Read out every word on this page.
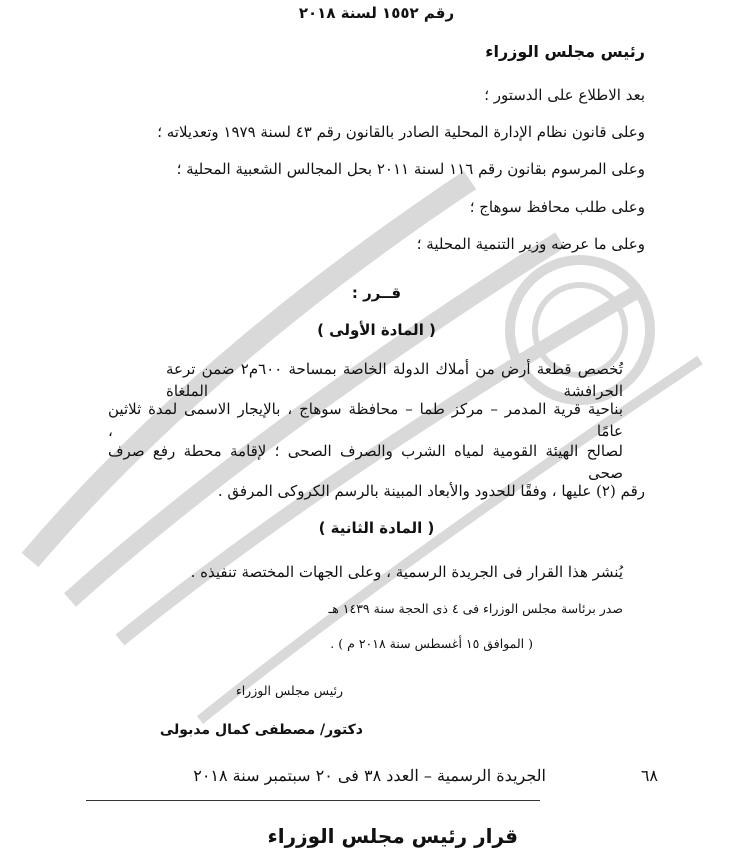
رقم ١٥٥٢ لسنة ٢٠١٨
رئيس مجلس الوزراء
بعد الاطلاع على الدستور ؛
وعلى قانون نظام الإدارة المحلية الصادر بالقانون رقم ٤٣ لسنة ١٩٧٩ وتعديلاته ؛
وعلى المرسوم بقانون رقم ١١٦ لسنة ٢٠١١ بحل المجالس الشعبية المحلية ؛
وعلى طلب محافظ سوهاج ؛
وعلى ما عرضه وزير التنمية المحلية ؛
قــرر :
( المادة الأولى )
تُخصص قطعة أرض من أملاك الدولة الخاصة بمساحة ٦٠٠م٢ ضمن ترعة الحرافشة الملغاة
بناحية قرية المدمر – مركز طما – محافظة سوهاج ، بالإيجار الاسمى لمدة ثلاثين عامًا ،
لصالح الهيئة القومية لمياه الشرب والصرف الصحى ؛ لإقامة محطة رفع صرف صحى
رقم (٢) عليها ، وفقًا للحدود والأبعاد المبينة بالرسم الكروكى المرفق .
( المادة الثانية )
يُنشر هذا القرار فى الجريدة الرسمية ، وعلى الجهات المختصة تنفيذه .
صدر برئاسة مجلس الوزراء فى ٤ ذى الحجة سنة ١٤٣٩ هـ
( الموافق ١٥ أغسطس سنة ٢٠١٨ م ) .
رئيس مجلس الوزراء
دكتور/ مصطفى كمال مدبولى
٦٨
الجريدة الرسمية – العدد ٣٨ فى ٢٠ سبتمبر سنة ٢٠١٨
قرار رئيس مجلس الوزراء
